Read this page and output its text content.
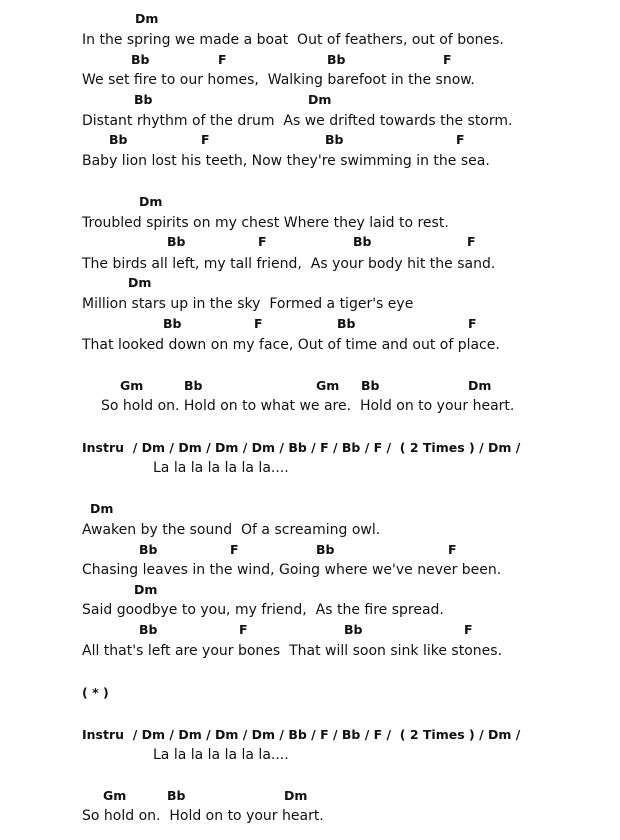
Dm
In the spring we made a boat  Out of feathers, out of bones.
Bb	F	Bb	F
We set fire to our homes,  Walking barefoot in the snow.
Bb	Dm
Distant rhythm of the drum  As we drifted towards the storm.
Bb	F	Bb	F
Baby lion lost his teeth, Now they're swimming in the sea.
Dm
Troubled spirits on my chest Where they laid to rest.
Bb	F	Bb	F
The birds all left, my tall friend,  As your body hit the sand.
Dm
Million stars up in the sky  Formed a tiger's eye
Bb	F	Bb	F
That looked down on my face, Out of time and out of place.
Gm	Bb	Gm Bb	Dm
So hold on. Hold on to what we are.  Hold on to your heart.
Instru  / Dm / Dm / Dm / Dm / Bb / F / Bb / F /  ( 2 Times ) / Dm /
La la la la la la la....
Dm
Awaken by the sound  Of a screaming owl.
Bb	F	Bb	F
Chasing leaves in the wind, Going where we've never been.
Dm
Said goodbye to you, my friend,  As the fire spread.
Bb	F	Bb	F
All that's left are your bones  That will soon sink like stones.
( * )
Instru  / Dm / Dm / Dm / Dm / Bb / F / Bb / F /  ( 2 Times ) / Dm /
La la la la la la la....
Gm	Bb	Dm
So hold on.  Hold on to your heart.
